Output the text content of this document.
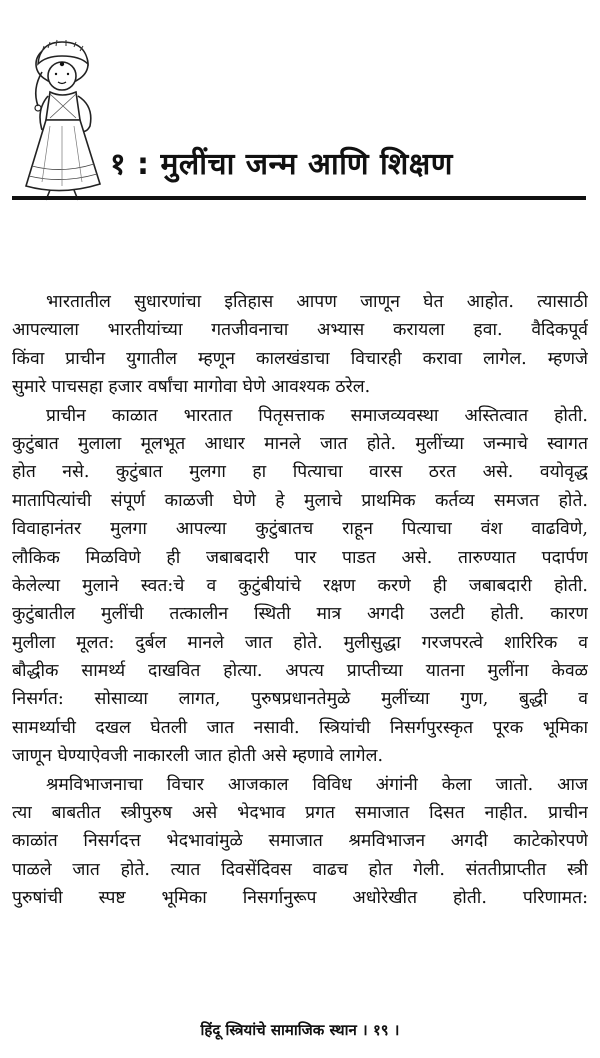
१ : मुलींचा जन्म आणि शिक्षण
भारतातील सुधारणांचा इतिहास आपण जाणून घेत आहोत. त्यासाठी
आपल्याला भारतीयांच्या गतजीवनाचा अभ्यास करायला हवा. वैदिकपूर्व
किंवा प्राचीन युगातील म्हणून कालखंडाचा विचारही करावा लागेल. म्हणजे
सुमारे पाचसहा हजार वर्षांचा मागोवा घेणे आवश्यक ठरेल.
प्राचीन काळात भारतात पितृसत्ताक समाजव्यवस्था अस्तित्वात होती.
कुटुंबात मुलाला मूलभूत आधार मानले जात होते. मुलींच्या जन्माचे स्वागत
होत नसे. कुटुंबात मुलगा हा पित्याचा वारस ठरत असे. वयोवृद्ध
मातापित्यांची संपूर्ण काळजी घेणे हे मुलाचे प्राथमिक कर्तव्य समजत होते.
विवाहानंतर मुलगा आपल्या कुटुंबातच राहून पित्याचा वंश वाढविणे,
लौकिक मिळविणे ही जबाबदारी पार पाडत असे. तारुण्यात पदार्पण
केलेल्या मुलाने स्वत:चे व कुटुंबीयांचे रक्षण करणे ही जबाबदारी होती.
कुटुंबातील मुलींची तत्कालीन स्थिती मात्र अगदी उलटी होती. कारण
मुलीला मूलत: दुर्बल मानले जात होते. मुलीसुद्धा गरजपरत्वे शारिरिक व
बौद्धीक सामर्थ्य दाखवित होत्या. अपत्य प्राप्तीच्या यातना मुलींना केवळ
निसर्गत: सोसाव्या लागत, पुरुषप्रधानतेमुळे मुलींच्या गुण, बुद्धी व
सामर्थ्याची दखल घेतली जात नसावी. स्त्रियांची निसर्गपुरस्कृत पूरक भूमिका
जाणून घेण्याऐवजी नाकारली जात होती असे म्हणावे लागेल.
श्रमविभाजनाचा विचार आजकाल विविध अंगांनी केला जातो. आज
त्या बाबतीत स्त्रीपुरुष असे भेदभाव प्रगत समाजात दिसत नाहीत. प्राचीन
काळांत निसर्गदत्त भेदभावांमुळे समाजात श्रमविभाजन अगदी काटेकोरपणे
पाळले जात होते. त्यात दिवसेंदिवस वाढच होत गेली. संततीप्राप्तीत स्त्री
पुरुषांची स्पष्ट भूमिका निसर्गानुरूप अधोरेखीत होती. परिणामत:
हिंदू स्त्रियांचे सामाजिक स्थान । १९ ।
